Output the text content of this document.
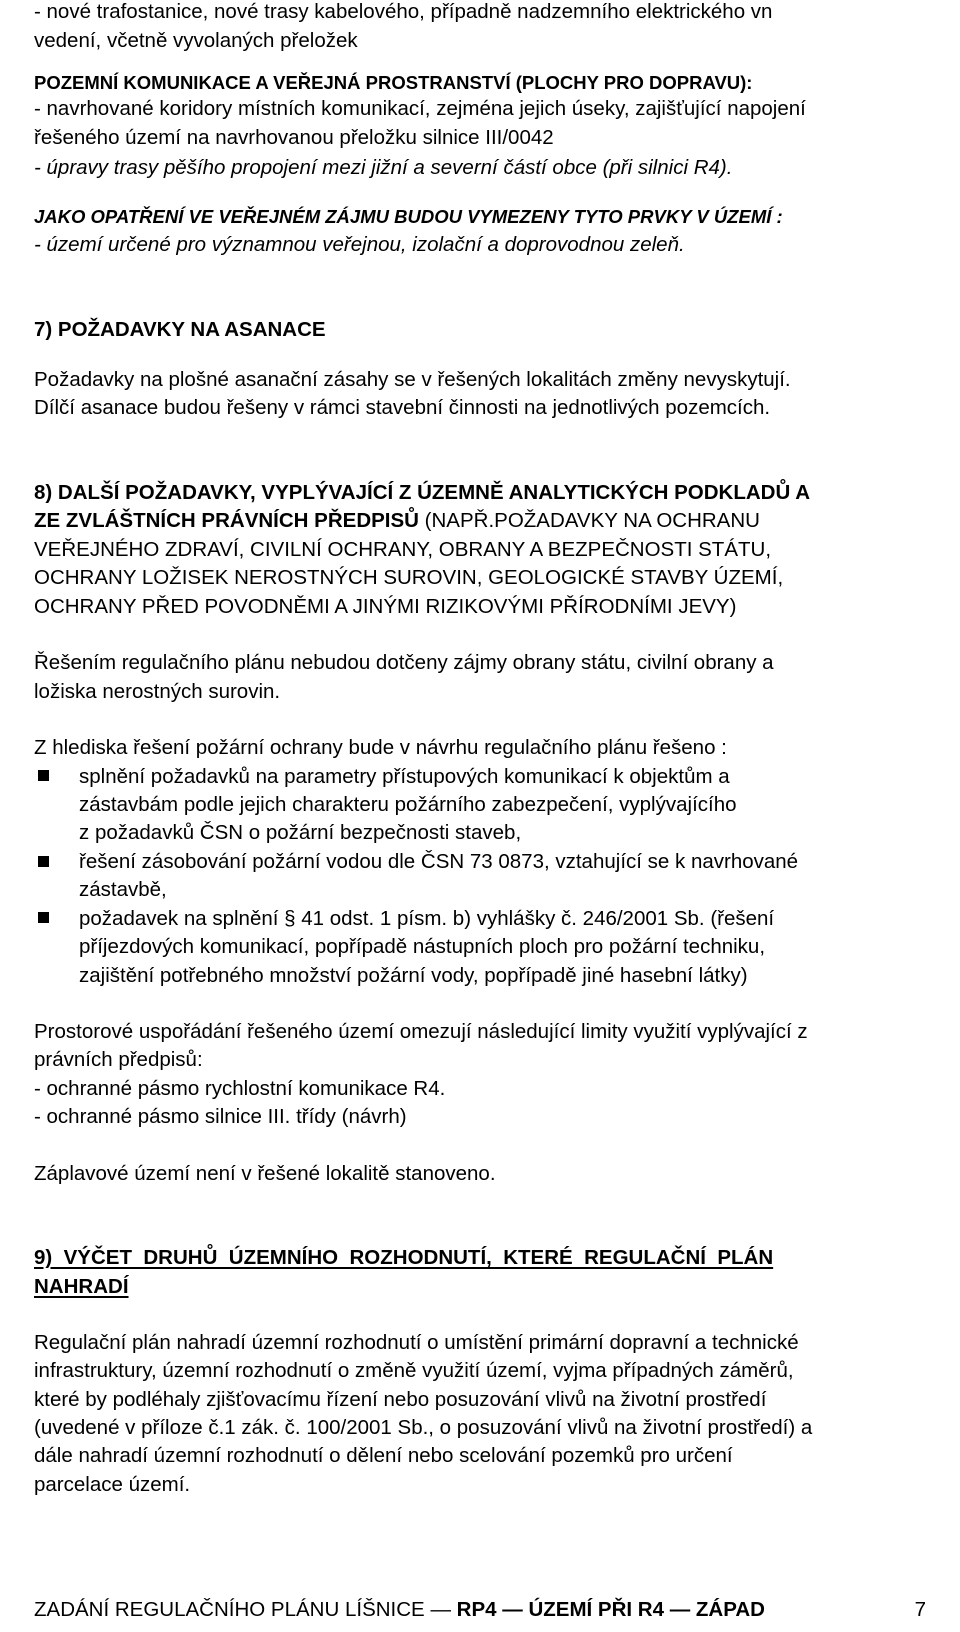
- nové trafostanice, nové trasy kabelového, případně nadzemního elektrického vn
vedení, včetně vyvolaných přeložek
POZEMNÍ KOMUNIKACE A VEŘEJNÁ PROSTRANSTVÍ (PLOCHY PRO DOPRAVU):
- navrhované koridory místních komunikací, zejména jejich úseky, zajišťující napojení
řešeného území na navrhovanou přeložku silnice III/0042
- úpravy trasy pěšího propojení mezi jižní a severní částí obce (při silnici R4).
JAKO OPATŘENÍ VE VEŘEJNÉM ZÁJMU BUDOU VYMEZENY TYTO PRVKY V ÚZEMÍ :
- území určené pro významnou veřejnou, izolační a doprovodnou zeleň.
7) POŽADAVKY NA ASANACE
Požadavky na plošné asanační zásahy se v řešených lokalitách změny nevyskytují.
Dílčí asanace budou řešeny v rámci stavební činnosti na jednotlivých pozemcích.
8) DALŠÍ POŽADAVKY, VYPLÝVAJÍCÍ Z ÚZEMNĚ ANALYTICKÝCH PODKLADŮ A
ZE ZVLÁŠTNÍCH PRÁVNÍCH PŘEDPISŮ (NAPŘ.POŽADAVKY NA OCHRANU
VEŘEJNÉHO ZDRAVÍ, CIVILNÍ OCHRANY, OBRANY A BEZPEČNOSTI STÁTU,
OCHRANY LOŽISEK NEROSTNÝCH SUROVIN, GEOLOGICKÉ STAVBY ÚZEMÍ,
OCHRANY PŘED POVODNĚMI A JINÝMI RIZIKOVÝMI PŘÍRODNÍMI JEVY)
Řešením regulačního plánu nebudou dotčeny zájmy obrany státu, civilní obrany a
ložiska nerostných surovin.
Z hlediska řešení požární ochrany bude v návrhu regulačního plánu řešeno :
splnění požadavků na parametry přístupových komunikací k objektům a
zástavbám podle jejich charakteru požárního zabezpečení, vyplývajícího
z požadavků ČSN o požární bezpečnosti staveb,
řešení zásobování požární vodou dle ČSN 73 0873, vztahující se k navrhované
zástavbě,
požadavek na splnění § 41 odst. 1 písm. b) vyhlášky č. 246/2001 Sb. (řešení
příjezdových komunikací, popřípadě nástupních ploch pro požární techniku,
zajištění potřebného množství požární vody, popřípadě jiné hasební látky)
Prostorové uspořádání řešeného území omezují následující limity využití vyplývající z
právních předpisů:
- ochranné pásmo rychlostní komunikace R4.
- ochranné pásmo silnice III. třídy (návrh)
Záplavové území není v řešené lokalitě stanoveno.
9)  VÝČET  DRUHŮ  ÚZEMNÍHO  ROZHODNUTÍ,  KTERÉ  REGULAČNÍ  PLÁN
NAHRADÍ
Regulační plán nahradí územní rozhodnutí o umístění primární dopravní a technické
infrastruktury, územní rozhodnutí o změně využití území, vyjma případných záměrů,
které by podléhaly zjišťovacímu řízení nebo posuzování vlivů na životní prostředí
(uvedené v příloze č.1 zák. č. 100/2001 Sb., o posuzování vlivů na životní prostředí) a
dále nahradí územní rozhodnutí o dělení nebo scelování pozemků pro určení
parcelace území.
ZADÁNÍ REGULAČNÍHO PLÁNU LÍŠNICE — RP4 — ÚZEMÍ PŘI R4 — ZÁPAD	7
